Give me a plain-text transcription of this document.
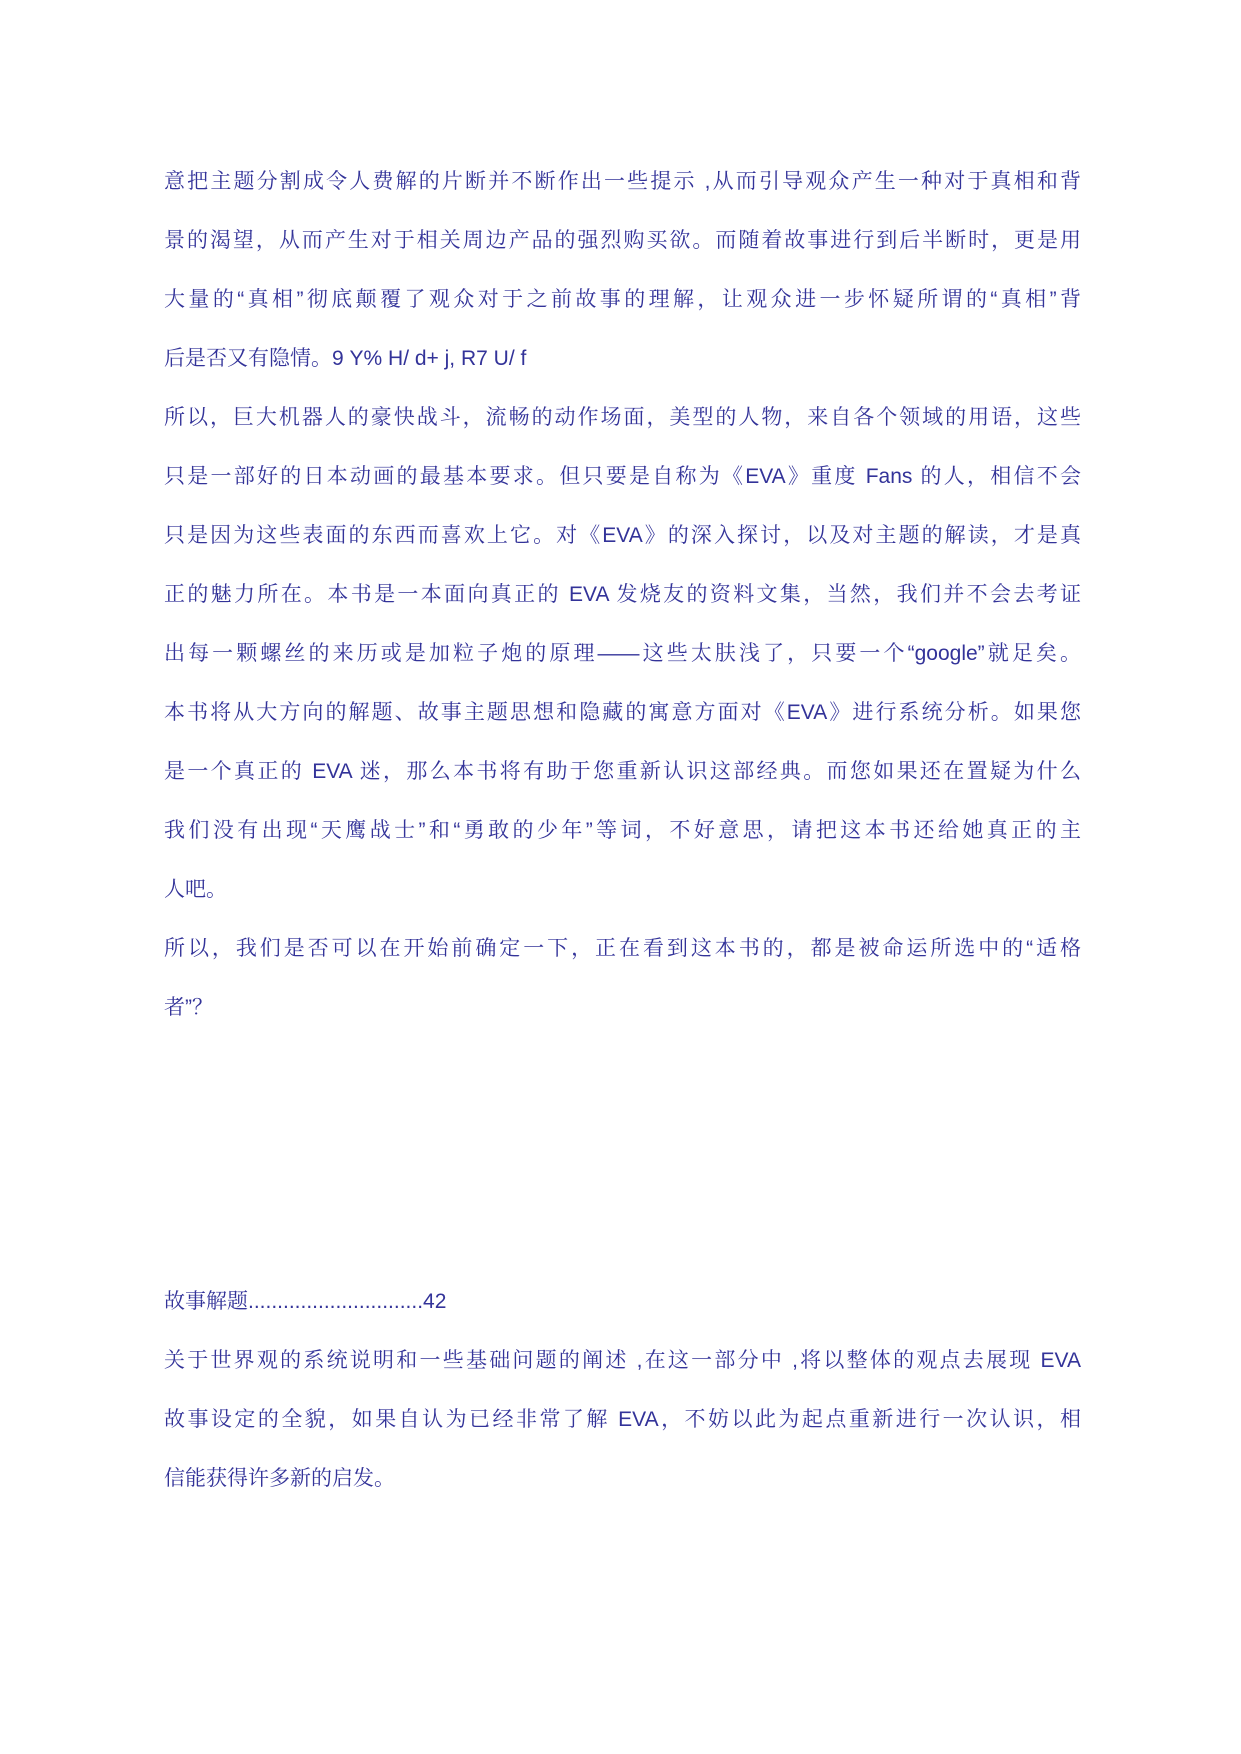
意把主题分割成令人费解的片断并不断作出一些提示 ,从而引导观众产生一种对于真相和背
景的渴望，从而产生对于相关周边产品的强烈购买欲。而随着故事进行到后半断时，更是用
大量的“真相”彻底颠覆了观众对于之前故事的理解，让观众进一步怀疑所谓的“真相”背
后是否又有隐情。9 Y% H/ d+ j, R7 U/ f
所以，巨大机器人的豪快战斗，流畅的动作场面，美型的人物，来自各个领域的用语，这些
只是一部好的日本动画的最基本要求。但只要是自称为《EVA》重度 Fans 的人，相信不会
只是因为这些表面的东西而喜欢上它。对《EVA》的深入探讨，以及对主题的解读，才是真
正的魅力所在。本书是一本面向真正的 EVA 发烧友的资料文集，当然，我们并不会去考证
出每一颗螺丝的来历或是加粒子炮的原理——这些太肤浅了，只要一个“google”就足矣。
本书将从大方向的解题、故事主题思想和隐藏的寓意方面对《EVA》进行系统分析。如果您
是一个真正的 EVA 迷，那么本书将有助于您重新认识这部经典。而您如果还在置疑为什么
我们没有出现“天鹰战士”和“勇敢的少年”等词，不好意思，请把这本书还给她真正的主
人吧。
所以，我们是否可以在开始前确定一下，正在看到这本书的，都是被命运所选中的“适格
者”？
故事解题..............................42
关于世界观的系统说明和一些基础问题的阐述 ,在这一部分中 ,将以整体的观点去展现 EVA
故事设定的全貌，如果自认为已经非常了解 EVA，不妨以此为起点重新进行一次认识，相
信能获得许多新的启发。
